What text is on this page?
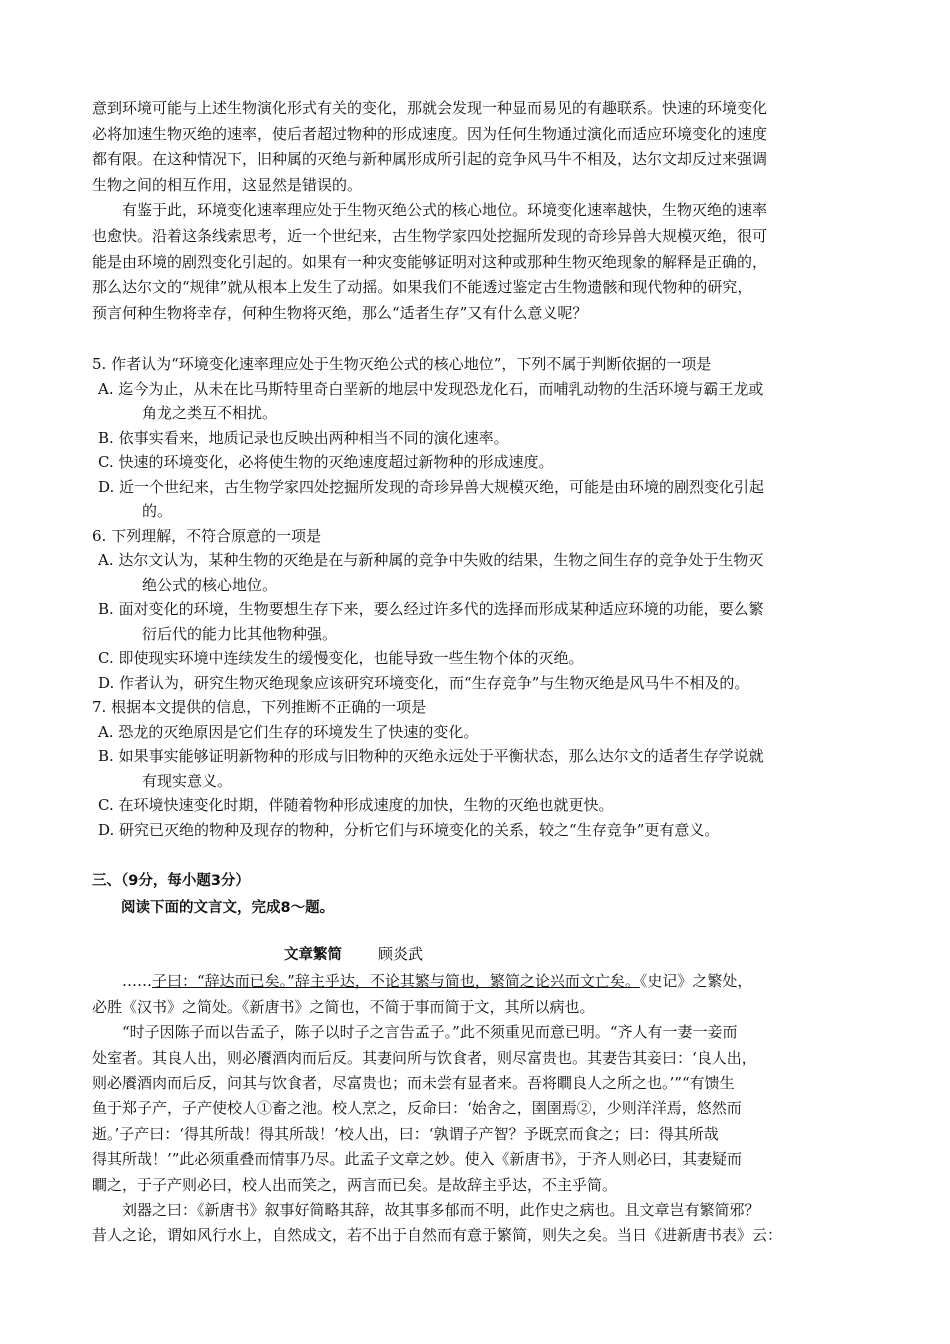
意到环境可能与上述生物演化形式有关的变化，那就会发现一种显而易见的有趣联系。快速的环境变化

必将加速生物灭绝的速率，使后者超过物种的形成速度。因为任何生物通过演化而适应环境变化的速度

都有限。在这种情况下，旧种属的灭绝与新种属形成所引起的竞争风马牛不相及，达尔文却反过来强调

生物之间的相互作用，这显然是错误的。

有鉴于此，环境变化速率理应处于生物灭绝公式的核心地位。环境变化速率越快，生物灭绝的速率

也愈快。沿着这条线索思考，近一个世纪来，古生物学家四处挖掘所发现的奇珍异兽大规模灭绝，很可

能是由环境的剧烈变化引起的。如果有一种灾变能够证明对这种或那种生物灭绝现象的解释是正确的，

那么达尔文的“规律”就从根本上发生了动摇。如果我们不能透过鉴定古生物遗骸和现代物种的研究，

预言何种生物将幸存，何种生物将灭绝，那么“适者生存”又有什么意义呢？

5. 作者认为“环境变化速率理应处于生物灭绝公式的核心地位”，下列不属于判断依据的一项是

A. 迄今为止，从未在比马斯特里奇白垩新的地层中发现恐龙化石，而哺乳动物的生活环境与霸王龙或
角龙之类互不相扰。
B. 依事实看来，地质记录也反映出两种相当不同的演化速率。
C. 快速的环境变化，必将使生物的灭绝速度超过新物种的形成速度。
D. 近一个世纪来，古生物学家四处挖掘所发现的奇珍异兽大规模灭绝，可能是由环境的剧烈变化引起
的。

6. 下列理解，不符合原意的一项是

A. 达尔文认为，某种生物的灭绝是在与新种属的竞争中失败的结果，生物之间生存的竞争处于生物灭
绝公式的核心地位。
B. 面对变化的环境，生物要想生存下来，要么经过许多代的选择而形成某种适应环境的功能，要么繁
衍后代的能力比其他物种强。
C. 即使现实环境中连续发生的缓慢变化，也能导致一些生物个体的灭绝。
D. 作者认为，研究生物灭绝现象应该研究环境变化，而“生存竞争”与生物灭绝是风马牛不相及的。

7. 根据本文提供的信息，下列推断不正确的一项是

A. 恐龙的灭绝原因是它们生存的环境发生了快速的变化。
B. 如果事实能够证明新物种的形成与旧物种的灭绝永远处于平衡状态，那么达尔文的适者生存学说就
有现实意义。
C. 在环境快速变化时期，伴随着物种形成速度的加快，生物的灭绝也就更快。
D. 研究已灭绝的物种及现存的物种，分析它们与环境变化的关系，较之“生存竞争”更有意义。

三、（9分，每小题3分）

阅读下面的文言文，完成8～题。

文章繁简 顾炎武

……子曰：“辞达而已矣。”辞主乎达，不论其繁与简也，繁简之论兴而文亡矣。《史记》之繁处，

必胜《汉书》之简处。《新唐书》之简也，不简于事而简于文，其所以病也。

“时子因陈子而以告孟子，陈子以时子之言告孟子。”此不须重见而意已明。“齐人有一妻一妾而

处室者。其良人出，则必餍酒肉而后反。其妻问所与饮食者，则尽富贵也。其妻告其妾曰：‘良人出，

则必餍酒肉而后反，问其与饮食者，尽富贵也；而未尝有显者来。吾将瞷良人之所之也。’”“有馈生

鱼于郑子产，子产使校人①畜之池。校人烹之，反命曰：‘始舍之，圉圉焉②，少则洋洋焉，悠然而

逝。’子产曰：‘得其所哉！得其所哉！’校人出，曰：‘孰谓子产智？予既烹而食之；曰：得其所哉

得其所哉！’”此必须重叠而情事乃尽。此孟子文章之妙。使入《新唐书》，于齐人则必曰，其妻疑而

瞷之，于子产则必曰，校人出而笑之，两言而已矣。是故辞主乎达，不主乎简。

刘器之曰：《新唐书》叙事好简略其辞，故其事多郁而不明，此作史之病也。且文章岂有繁简邪？

昔人之论，谓如风行水上，自然成文，若不出于自然而有意于繁简，则失之矣。当日《进新唐书表》云：
